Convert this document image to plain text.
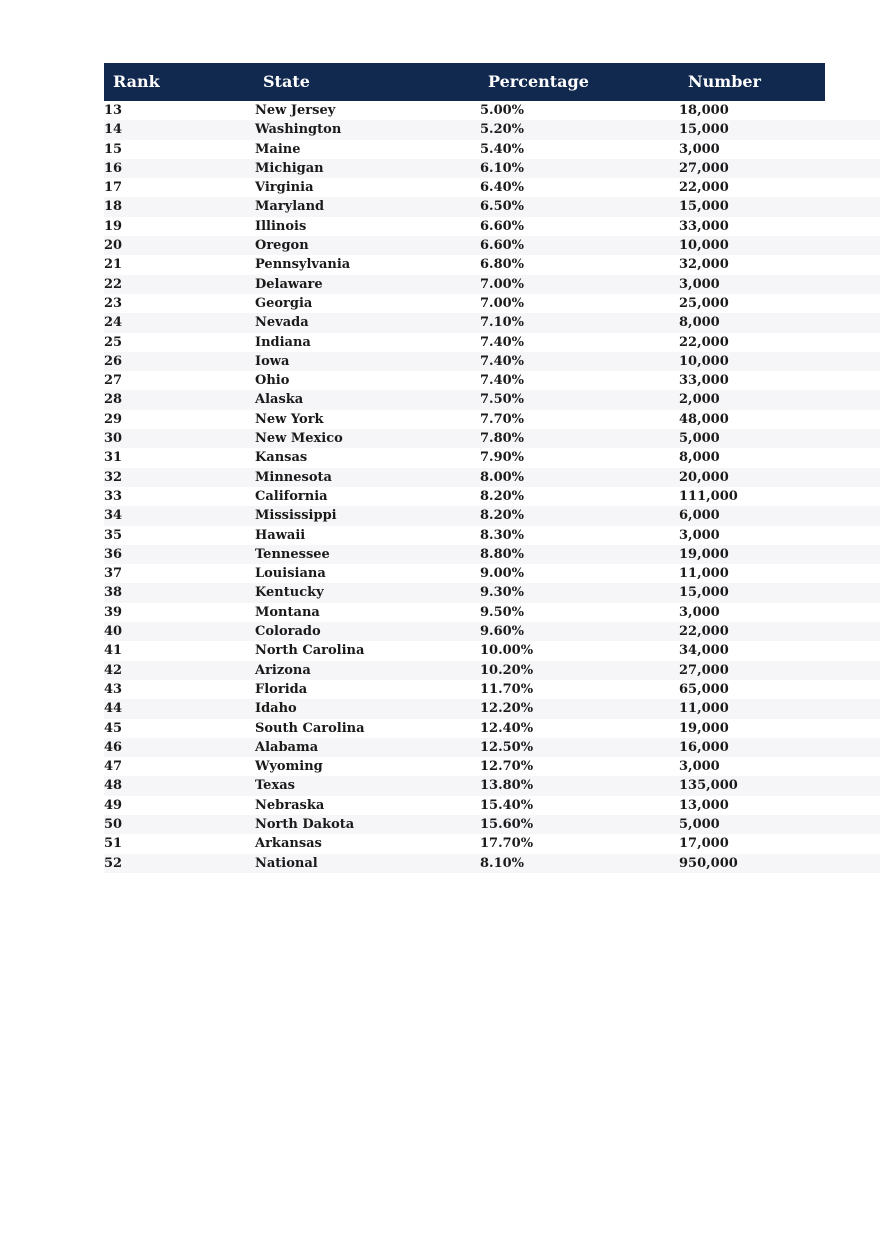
Rank	State	Percentage	Number
13	New Jersey	5.00%	18,000
14	Washington	5.20%	15,000
15	Maine	5.40%	3,000
16	Michigan	6.10%	27,000
17	Virginia	6.40%	22,000
18	Maryland	6.50%	15,000
19	Illinois	6.60%	33,000
20	Oregon	6.60%	10,000
21	Pennsylvania	6.80%	32,000
22	Delaware	7.00%	3,000
23	Georgia	7.00%	25,000
24	Nevada	7.10%	8,000
25	Indiana	7.40%	22,000
26	Iowa	7.40%	10,000
27	Ohio	7.40%	33,000
28	Alaska	7.50%	2,000
29	New York	7.70%	48,000
30	New Mexico	7.80%	5,000
31	Kansas	7.90%	8,000
32	Minnesota	8.00%	20,000
33	California	8.20%	111,000
34	Mississippi	8.20%	6,000
35	Hawaii	8.30%	3,000
36	Tennessee	8.80%	19,000
37	Louisiana	9.00%	11,000
38	Kentucky	9.30%	15,000
39	Montana	9.50%	3,000
40	Colorado	9.60%	22,000
41	North Carolina	10.00%	34,000
42	Arizona	10.20%	27,000
43	Florida	11.70%	65,000
44	Idaho	12.20%	11,000
45	South Carolina	12.40%	19,000
46	Alabama	12.50%	16,000
47	Wyoming	12.70%	3,000
48	Texas	13.80%	135,000
49	Nebraska	15.40%	13,000
50	North Dakota	15.60%	5,000
51	Arkansas	17.70%	17,000
52	National	8.10%	950,000
